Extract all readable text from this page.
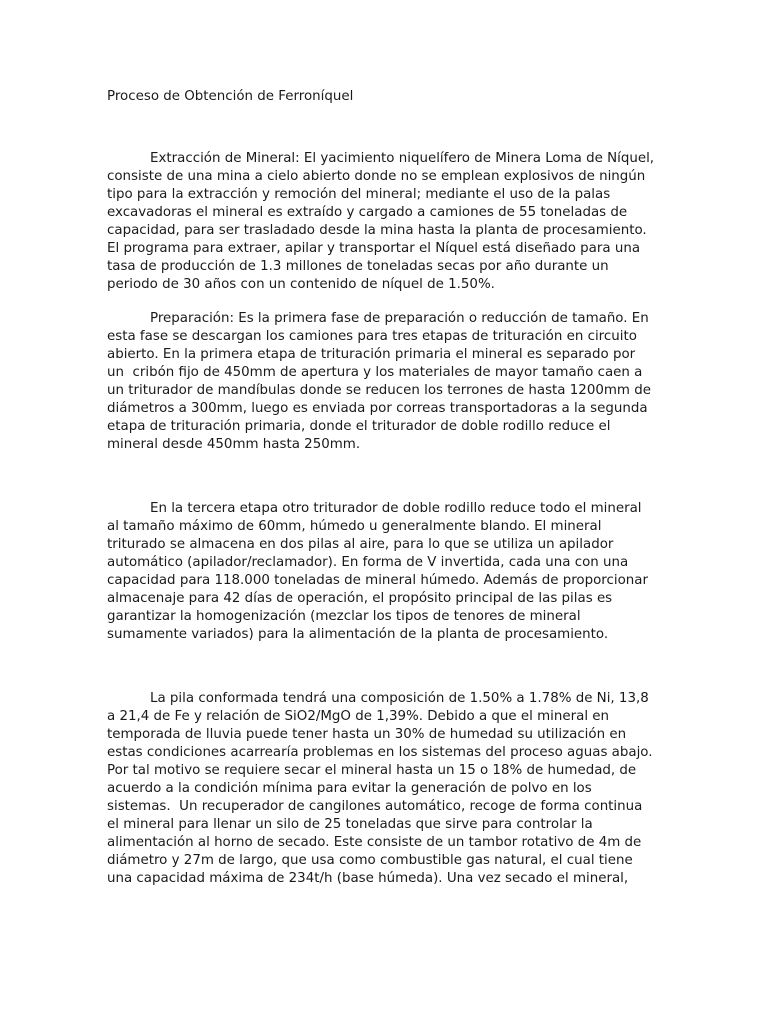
Proceso de Obtención de Ferroníquel
Extracción de Mineral: El yacimiento niquelífero de Minera Loma de Níquel,
consiste de una mina a cielo abierto donde no se emplean explosivos de ningún
tipo para la extracción y remoción del mineral; mediante el uso de la palas
excavadoras el mineral es extraído y cargado a camiones de 55 toneladas de
capacidad, para ser trasladado desde la mina hasta la planta de procesamiento.
El programa para extraer, apilar y transportar el Níquel está diseñado para una
tasa de producción de 1.3 millones de toneladas secas por año durante un
periodo de 30 años con un contenido de níquel de 1.50%.
Preparación: Es la primera fase de preparación o reducción de tamaño. En
esta fase se descargan los camiones para tres etapas de trituración en circuito
abierto. En la primera etapa de trituración primaria el mineral es separado por
un  cribón fijo de 450mm de apertura y los materiales de mayor tamaño caen a
un triturador de mandíbulas donde se reducen los terrones de hasta 1200mm de
diámetros a 300mm, luego es enviada por correas transportadoras a la segunda
etapa de trituración primaria, donde el triturador de doble rodillo reduce el
mineral desde 450mm hasta 250mm.
En la tercera etapa otro triturador de doble rodillo reduce todo el mineral
al tamaño máximo de 60mm, húmedo u generalmente blando. El mineral
triturado se almacena en dos pilas al aire, para lo que se utiliza un apilador
automático (apilador/reclamador). En forma de V invertida, cada una con una
capacidad para 118.000 toneladas de mineral húmedo. Además de proporcionar
almacenaje para 42 días de operación, el propósito principal de las pilas es
garantizar la homogenización (mezclar los tipos de tenores de mineral
sumamente variados) para la alimentación de la planta de procesamiento.
La pila conformada tendrá una composición de 1.50% a 1.78% de Ni, 13,8
a 21,4 de Fe y relación de SiO2/MgO de 1,39%. Debido a que el mineral en
temporada de lluvia puede tener hasta un 30% de humedad su utilización en
estas condiciones acarrearía problemas en los sistemas del proceso aguas abajo.
Por tal motivo se requiere secar el mineral hasta un 15 o 18% de humedad, de
acuerdo a la condición mínima para evitar la generación de polvo en los
sistemas.  Un recuperador de cangilones automático, recoge de forma continua
el mineral para llenar un silo de 25 toneladas que sirve para controlar la
alimentación al horno de secado. Este consiste de un tambor rotativo de 4m de
diámetro y 27m de largo, que usa como combustible gas natural, el cual tiene
una capacidad máxima de 234t/h (base húmeda). Una vez secado el mineral,
